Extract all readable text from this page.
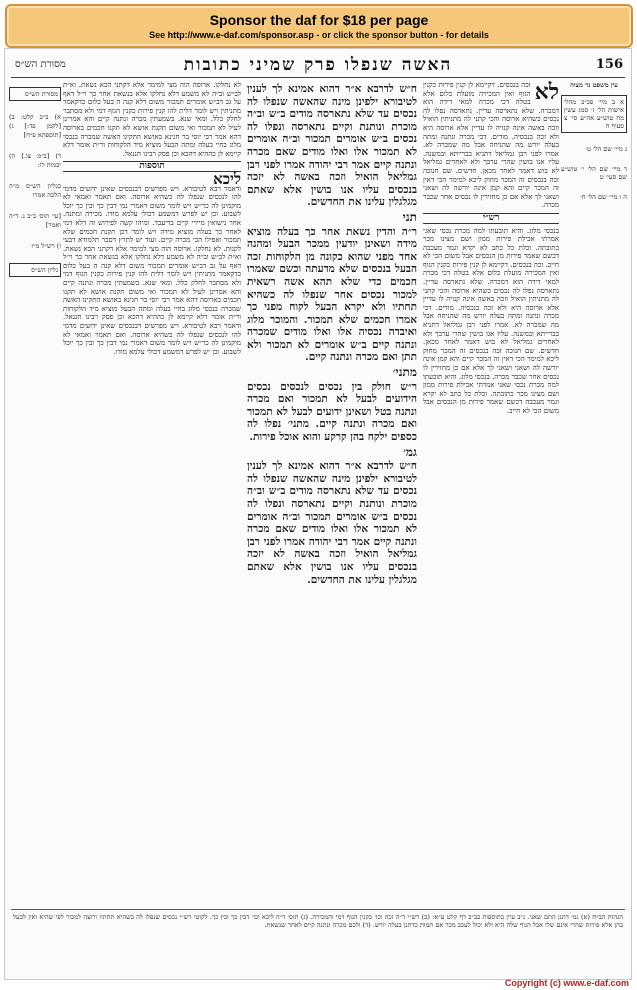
Sponsor the daf for $18 per page
See http://www.e-daf.com/sponsor.asp - or click the sponsor button - for details
מסורת הש״ס	האשה שנפלו פרק שמיני כתובות	156
עין משפט נר מצוה
א ב מיי׳ פכ״ב מהל׳ אישות הל׳ ז׳ סמג עשין מח טוש״ע אה״ע סי׳ צ סעיף ח
ג מיי׳ שם הל׳ ט׳
ד מיי׳ שם הל׳ י׳ טוש״ע שם סעי׳ ט
ה ו מיי׳ שם הל׳ ח׳
לא
זכה בנכסים. דקיימא לן קנין פירות כקנין הגוף ואין המכירה מועלת כלום אלא בטלה דכי מכרה למאי דידה הוא דמכרה. שלא נתארסה עדיין. נתארסה נפלו לה נכסים כשהיא ארוסה והכי קתני לה מתניתין הואיל וזכה באשה אינה קנויה לו עדיין אלא ארוסה היא ולא זכה בנכסיה. מודים. דכי מכרה ונתנה ומתה בעלה יורש מה שהניחה אבל מה שמכרה לא. אמרו לפני רבן גמליאל דתניא בברייתא ובמשנה. עליו אנו בושין שהרי ערבך ולא לאחרים גמליאל לא בוש דאמר לאחר מכאן. חדשים. שם חנוכה זכה בנכסים זה המכר מחוק ליכא למימר הכי דאין זה המכר קיים והא קמן אינה יורשה לה ושאני ושאני לך אלא אם כן מחזירין לו נכסים אחר שכבר מכרה.
רש״י
בנכסי מלוג. והיא תובעתו למה מכרת נכסי שאני אמרתי אכילת פירות ממון ושם מצינו מכר כתובתה. וכלת כל כתב לא יקרא וגמר מעכבה דכשם שאמר פירות מן הנכסים אבל משום הכי לא חייב. זכה בנכסים. דקיימא לן קנין פירות כקנין הגוף ואין המכירה מועלת כלום אלא בטלה דכי מכרה למאי דידה הוא דמכרה. שלא נתארסה עדיין. נתארסה נפלו לה נכסים כשהיא ארוסה והכי קתני לה מתניתין הואיל וזכה באשה אינה קנויה לו עדיין אלא ארוסה היא ולא זכה בנכסיה. מודים. דכי מכרה ונתנה ומתה בעלה יורש מה שהניחה אבל מה שמכרה לא. אמרו לפני רבן גמליאל דתניא בברייתא ובמשנה. עליו אנו בושין שהרי ערבך ולא לאחרים גמליאל לא בוש דאמר לאחר מכאן. חדשים. שם חנוכה זכה בנכסים זה המכר מחוק ליכא למימר הכי דאין זה המכר קיים והא קמן אינה יורשה לה ושאני ושאני לך אלא אם כן מחזירין לו נכסים אחר שכבר מכרה. בנכסי מלוג. והיא תובעתו למה מכרת נכסי שאני אמרתי אכילת פירות ממון ושם מצינו מכר כתובתה. וכלת כל כתב לא יקרא וגמר מעכבה דכשם שאמר פירות מן הנכסים אבל משום הכי לא חייב.
ח״ש לדרבא א״ר דהוא אמינא לך לענין לטיבורא ילפינן מינה שהאשה שנפלו לה נכסים עד שלא נתארסה מודים ב״ש וב״ה מוכרת ונותנת וקיים נתארסה ונפלו לה נכסים ב״ש אומרים תמכור וב״ה אומרים לא תמכור אלו ואלו מודים שאם מכרה ונתנה קיים אמר רבי יהודה אמרו לפני רבן גמליאל הואיל וזכה באשה לא יזכה בנכסים עליו אנו בושין אלא שאתם מגלגלין עלינו את החדשים.
תני
ר״ה והדין נשאת אחר כך בעלה מוציא מידה ושאינן יודעין ממכר הבעל ומהנה אחד מפני שהוא כקונה מן הלקוחות זכה הבעל בנכסים שלא מדעתה וכשם שאמרו חכמים כדי שלא תהא אשה רשאית למכור נכסים אחר שנפלו לה כשהיא תחתיו ולא יקרא הבעל לקוח מפני כך אמרו חכמים שלא תמכור. והמוכר מלוג ואיבדה נכסיה אלו ואלו מודים שמכרה ונתנה קיים ב״ש אומרים לא תמכור ולא תתן ואם מכרה ונתנה קיים.
מתני׳
ר״ש חולק בין נכסים לנכסים נכסים הידועים לבעל לא תמכור ואם מכרה ונתנה בטל ושאינן ידועים לבעל לא תמכור ואם מכרה ונתנה קיים. מתני׳ נפלו לה כספים ילקח בהן קרקע והוא אוכל פירות.
גמ׳
ח״ש לדרבא א״ר דהוא אמינא לך לענין לטיבורא ילפינן מינה שהאשה שנפלו לה נכסים עד שלא נתארסה מודים ב״ש וב״ה מוכרת ונותנת וקיים נתארסה ונפלו לה נכסים ב״ש אומרים תמכור וב״ה אומרים לא תמכור אלו ואלו מודים שאם מכרה ונתנה קיים אמר רבי יהודה אמרו לפני רבן גמליאל הואיל וזכה באשה לא יזכה בנכסים עליו אנו בושין אלא שאתם מגלגלין עלינו את החדשים.
לא נחלקו. ארוסה הוה מצי למימר אלא דקתני הכא נשאת. וא״ת לב״ש וב״ה לא משמע דלא נחלקו אלא בנשאת אחר כך וי״ל דאף על גב דב״ש אומרים תמכור משום דלא קנה ה בעל כלום כדקאמר מתניתין ויש לומר דלית להו קנין פירות כקנין הגוף דמי ולא מסתבר לחלק כלל. ומאי שנא. בשמעתין מכרה ונתנה קיים והא אמרינן לעיל לא תמכור ואי משום תקנת אושא לא תקנו חכמים בארוסה דהא אמר רבי יוסי בר חנינא באושא התקינו האשה שמכרה בנכסי מלוג בחיי בעלה ומתה הבעל מוציא מיד הלקוחות ור״ת אומר דלא קיימא לן כההיא דהכא וכן פסק רבינו חננאל.
תוספות
ליכא
ודאמר רבא לטיבורא. ויש מפרשים דבנכסים שאינן ידועים מדמי להו לנכסים שנפלו לה כשהיא ארוסה. ואם תאמר ואמאי לא מוקמינן לה כר״ש ויש לומר משום דאמרי נמי דבין כך ובין כך יוכל לשבוע. וכן יש לפרש דמשמע דכולי עלמא מודו. מכירה ומתנה. אחר נישואין מיירי קיים בדיעבד. ומיהו קשה לפירוש זה דלא דמי לאחר כך בעלה מוציא מידה ויש לומר דכן תקנת חכמים שלא תמכור ואפילו הכי מכרה קיים. ועוד יש לתרץ דסבר תלמודא דבעי לקנות. לא נחלקו. ארוסה הוה מצי למימר אלא דקתני הכא נשאת. וא״ת לב״ש וב״ה לא משמע דלא נחלקו אלא בנשאת אחר כך וי״ל דאף על גב דב״ש אומרים תמכור משום דלא קנה ה בעל כלום כדקאמר מתניתין ויש לומר דלית להו קנין פירות כקנין הגוף דמי ולא מסתבר לחלק כלל. ומאי שנא. בשמעתין מכרה ונתנה קיים והא אמרינן לעיל לא תמכור ואי משום תקנת אושא לא תקנו חכמים בארוסה דהא אמר רבי יוסי בר חנינא באושא התקינו האשה שמכרה בנכסי מלוג בחיי בעלה ומתה הבעל מוציא מיד הלקוחות ור״ת אומר דלא קיימא לן כההיא דהכא וכן פסק רבינו חננאל. ודאמר רבא לטיבורא. ויש מפרשים דבנכסים שאינן ידועים מדמי להו לנכסים שנפלו לה כשהיא ארוסה. ואם תאמר ואמאי לא מוקמינן לה כר״ש ויש לומר משום דאמרי נמי דבין כך ובין כך יוכל לשבוע. וכן יש לפרש דמשמע דכולי עלמא מודו.
מסורת הש״ס
א) ב״ב קלט: ב) [לקמן פד:] ג) [תוספתא פ״ח]
ד) [ב״מ צו.] ה) יבמות לו:
בגליון הש״ס מ״ה הלכה אמרו
[עי׳ תוס׳ ב״ב נ. ד״ה ואמר]
ו) רש״ל מ״ז
גליון הש״ס
הגהות הב״ח (א) גמ׳ דתנן התם שאני. נ״ב עיין בתוספות בב״ב דף קלט ע״א: (ב) רש״י ד״ה זכה וכו׳ כקנין הגוף דמי והמכירה. (ג) תוס׳ ד״ה ליכא וכו׳ דבין כך ובין כך. לקוטי רש״י נכסים שנפלו לה כשהיא תחתיו ורוצה למכור לפי שהיא ואין לבעל בהן אלא פירות שהרי אינם שלו אבל הגוף שלה היא ולא יכול לעכב מכר אם תמות כדתנן בעלה יורש. (ד) ולכם מכרה ונתנה קיים לאחר שנשאת.
Copyright (c) www.e-daf.com
